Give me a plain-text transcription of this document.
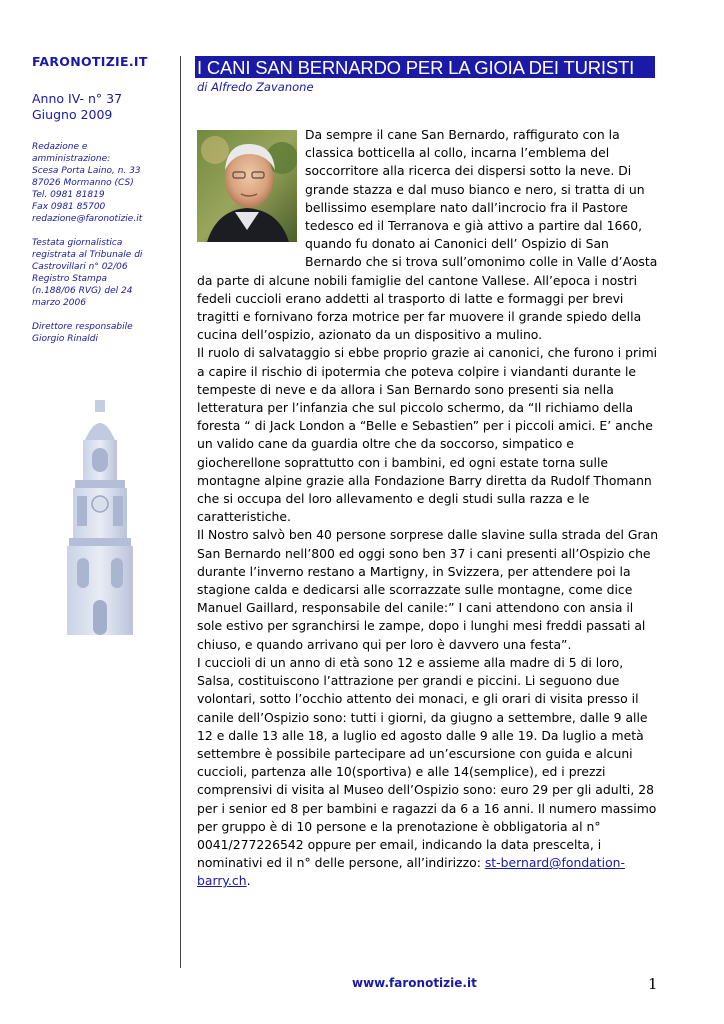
FARONOTIZIE.IT

Anno IV- n° 37
Giugno 2009
Redazione e
amministrazione:
Scesa Porta Laino, n. 33
87026 Mormanno (CS)
Tel. 0981 81819
Fax 0981 85700
redazione@faronotizie.it
Testata giornalistica
registrata al Tribunale di
Castrovillari n° 02/06
Registro Stampa
(n.188/06 RVG) del 24
marzo 2006
Direttore responsabile
Giorgio Rinaldi
I CANI SAN BERNARDO PER LA GIOIA DEI TURISTI
di Alfredo Zavanone

Da sempre il cane San Bernardo, raffigurato con la classica botticella al collo, incarna l’emblema del soccorritore alla ricerca dei dispersi sotto la neve. Di grande stazza e dal muso bianco e nero, si tratta di un bellissimo esemplare nato dall’incrocio fra il Pastore tedesco ed il Terranova e già attivo a partire dal 1660, quando fu donato ai Canonici dell’ Ospizio di San Bernardo che si trova sull’omonimo colle in Valle d’Aosta da parte di alcune nobili famiglie del cantone Vallese. All’epoca i nostri fedeli cuccioli erano addetti al trasporto di latte e formaggi per brevi tragitti e fornivano forza motrice per far muovere il grande spiedo della cucina dell’ospizio, azionato da un dispositivo a mulino.

Il ruolo di salvataggio si ebbe proprio grazie ai canonici, che furono i primi a capire il rischio di ipotermia che poteva colpire i viandanti durante le tempeste di neve e da allora i San Bernardo sono presenti sia nella letteratura per l’infanzia che sul piccolo schermo, da “Il richiamo della foresta “ di Jack London a “Belle e Sebastien” per i piccoli amici. E’ anche un valido cane da guardia oltre che da soccorso, simpatico e giocherellone soprattutto con i bambini, ed ogni estate torna sulle montagne alpine grazie alla Fondazione Barry diretta da Rudolf Thomann che si occupa del loro allevamento e degli studi sulla razza e le caratteristiche.

Il Nostro salvò ben 40 persone sorprese dalle slavine sulla strada del Gran San Bernardo nell’800 ed oggi sono ben 37 i cani presenti all’Ospizio che durante l’inverno restano a Martigny, in Svizzera, per attendere poi la stagione calda e dedicarsi alle scorrazzate sulle montagne, come dice Manuel Gaillard, responsabile del canile:” I cani attendono con ansia il sole estivo per sgranchirsi le zampe, dopo i lunghi mesi freddi passati al chiuso, e quando arrivano qui per loro è davvero una festa”.

I cuccioli di un anno di età sono 12 e assieme alla madre di 5 di loro, Salsa, costituiscono l’attrazione per grandi e piccini. Li seguono due volontari, sotto l’occhio attento dei monaci, e gli orari di visita presso il canile dell’Ospizio sono: tutti i giorni, da giugno a settembre, dalle 9 alle 12 e dalle 13 alle 18, a luglio ed agosto dalle 9 alle 19. Da luglio a metà settembre è possibile partecipare ad un’escursione con guida e alcuni cuccioli, partenza alle 10(sportiva) e alle 14(semplice), ed i prezzi comprensivi di visita al Museo dell’Ospizio sono: euro 29 per gli adulti, 28 per i senior ed 8 per bambini e ragazzi da 6 a 16 anni. Il numero massimo per gruppo è di 10 persone e la prenotazione è obbligatoria al n° 0041/277226542 oppure per email, indicando la data prescelta, i nominativi ed il n° delle persone, all’indirizzo: st-bernard@fondation-barry.ch.

www.faronotizie.it	1
